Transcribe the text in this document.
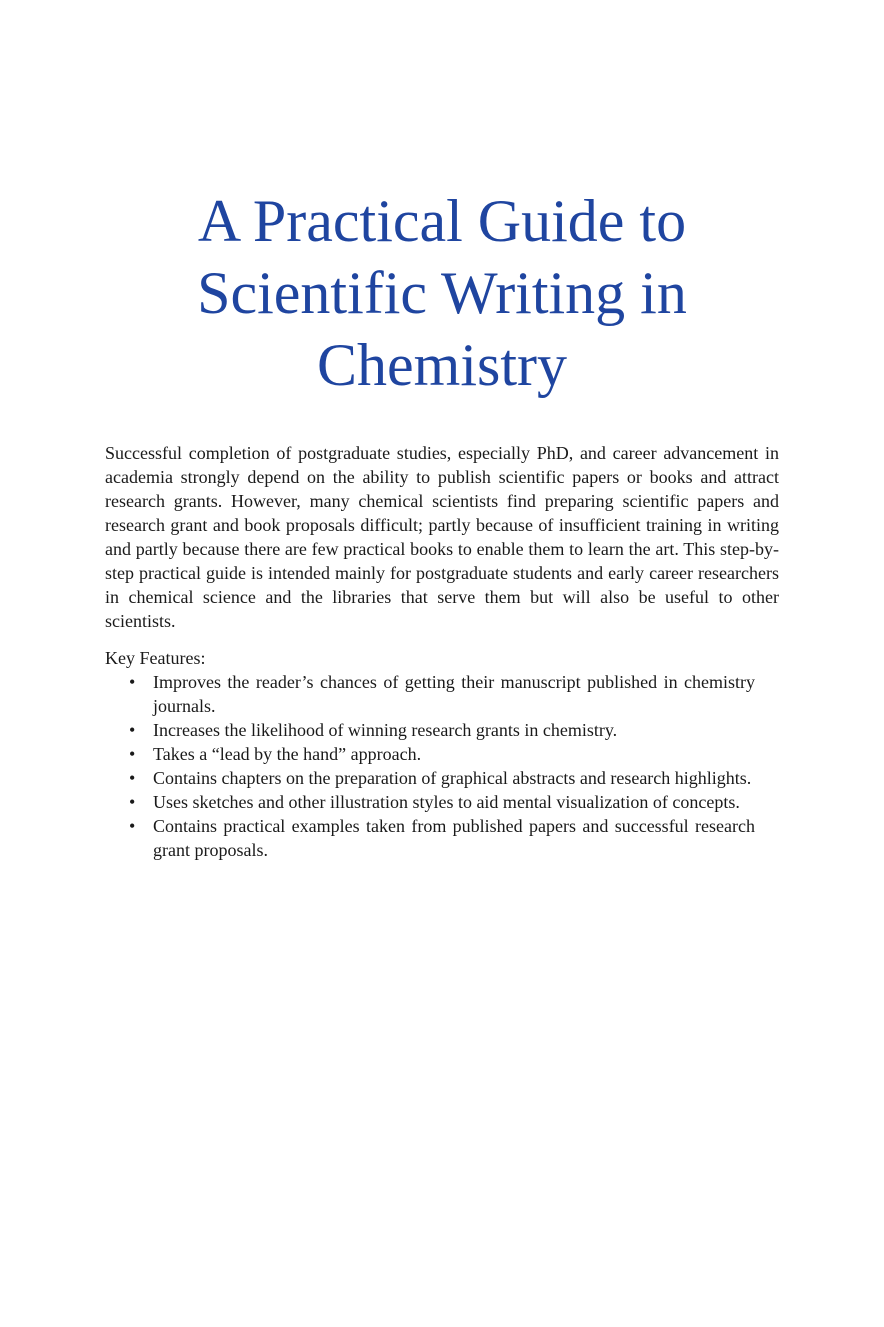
A Practical Guide to
Scientific Writing in
Chemistry

Successful completion of postgraduate studies, especially PhD, and career advancement in academia strongly depend on the ability to publish scientific papers or books and attract research grants. However, many chemical scientists find preparing scientific papers and research grant and book proposals difficult; partly because of insufficient training in writing and partly because there are few practical books to enable them to learn the art. This step-by-step practical guide is intended mainly for postgraduate students and early career researchers in chemical science and the libraries that serve them but will also be useful to other scientists.

Key Features:

• Improves the reader’s chances of getting their manuscript published in chemistry journals.
• Increases the likelihood of winning research grants in chemistry.
• Takes a “lead by the hand” approach.
• Contains chapters on the preparation of graphical abstracts and research highlights.
• Uses sketches and other illustration styles to aid mental visualization of concepts.
• Contains practical examples taken from published papers and successful research grant proposals.
